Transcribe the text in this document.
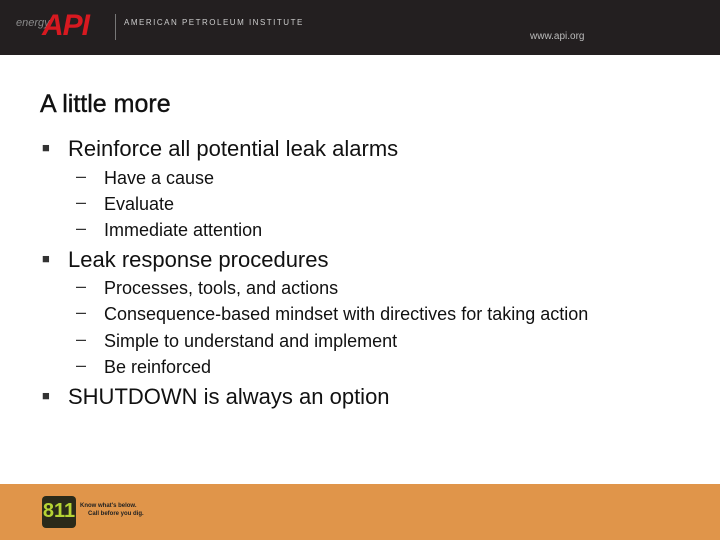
energy
API	AMERICAN PETROLEUM INSTITUTE
www.api.org
A little more
■ Reinforce all potential leak alarms
– Have a cause
– Evaluate
– Immediate attention
■ Leak response procedures
– Processes, tools, and actions
– Consequence-based mindset with directives for taking action
– Simple to understand and implement
– Be reinforced
■ SHUTDOWN is always an option
811 Know what's below.
Call before you dig.
